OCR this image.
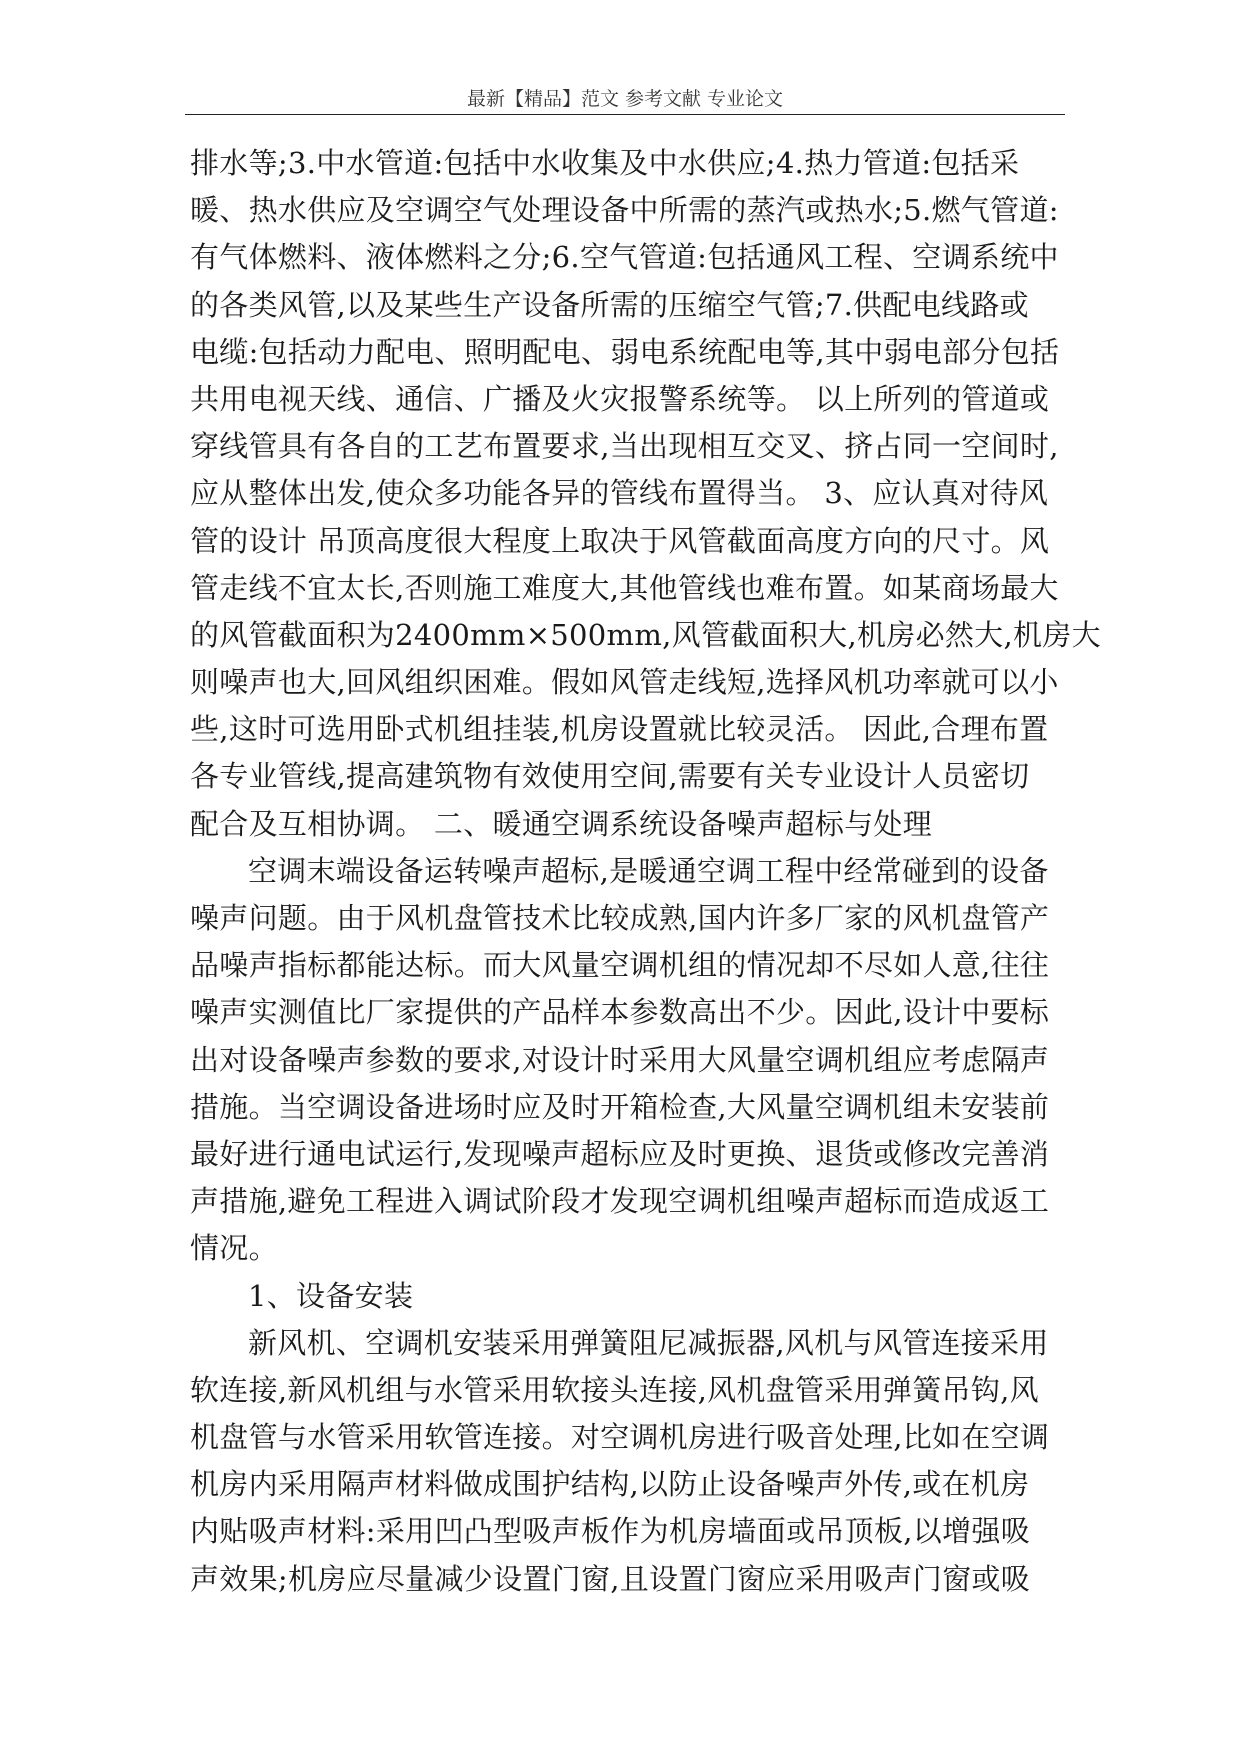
最新【精品】范文 参考文献 专业论文
排水等;3.中水管道:包括中水收集及中水供应;4.热力管道:包括采
暖、热水供应及空调空气处理设备中所需的蒸汽或热水;5.燃气管道:
有气体燃料、液体燃料之分;6.空气管道:包括通风工程、空调系统中
的各类风管,以及某些生产设备所需的压缩空气管;7.供配电线路或
电缆:包括动力配电、照明配电、弱电系统配电等,其中弱电部分包括
共用电视天线、通信、广播及火灾报警系统等。 以上所列的管道或
穿线管具有各自的工艺布置要求,当出现相互交叉、挤占同一空间时,
应从整体出发,使众多功能各异的管线布置得当。 3、应认真对待风
管的设计 吊顶高度很大程度上取决于风管截面高度方向的尺寸。风
管走线不宜太长,否则施工难度大,其他管线也难布置。如某商场最大
的风管截面积为2400mm×500mm,风管截面积大,机房必然大,机房大
则噪声也大,回风组织困难。假如风管走线短,选择风机功率就可以小
些,这时可选用卧式机组挂装,机房设置就比较灵活。 因此,合理布置
各专业管线,提高建筑物有效使用空间,需要有关专业设计人员密切
配合及互相协调。 二、暖通空调系统设备噪声超标与处理
空调末端设备运转噪声超标,是暖通空调工程中经常碰到的设备
噪声问题。由于风机盘管技术比较成熟,国内许多厂家的风机盘管产
品噪声指标都能达标。而大风量空调机组的情况却不尽如人意,往往
噪声实测值比厂家提供的产品样本参数高出不少。因此,设计中要标
出对设备噪声参数的要求,对设计时采用大风量空调机组应考虑隔声
措施。当空调设备进场时应及时开箱检查,大风量空调机组未安装前
最好进行通电试运行,发现噪声超标应及时更换、退货或修改完善消
声措施,避免工程进入调试阶段才发现空调机组噪声超标而造成返工
情况。
1、设备安装
新风机、空调机安装采用弹簧阻尼减振器,风机与风管连接采用
软连接,新风机组与水管采用软接头连接,风机盘管采用弹簧吊钩,风
机盘管与水管采用软管连接。对空调机房进行吸音处理,比如在空调
机房内采用隔声材料做成围护结构,以防止设备噪声外传,或在机房
内贴吸声材料:采用凹凸型吸声板作为机房墙面或吊顶板,以增强吸
声效果;机房应尽量减少设置门窗,且设置门窗应采用吸声门窗或吸
